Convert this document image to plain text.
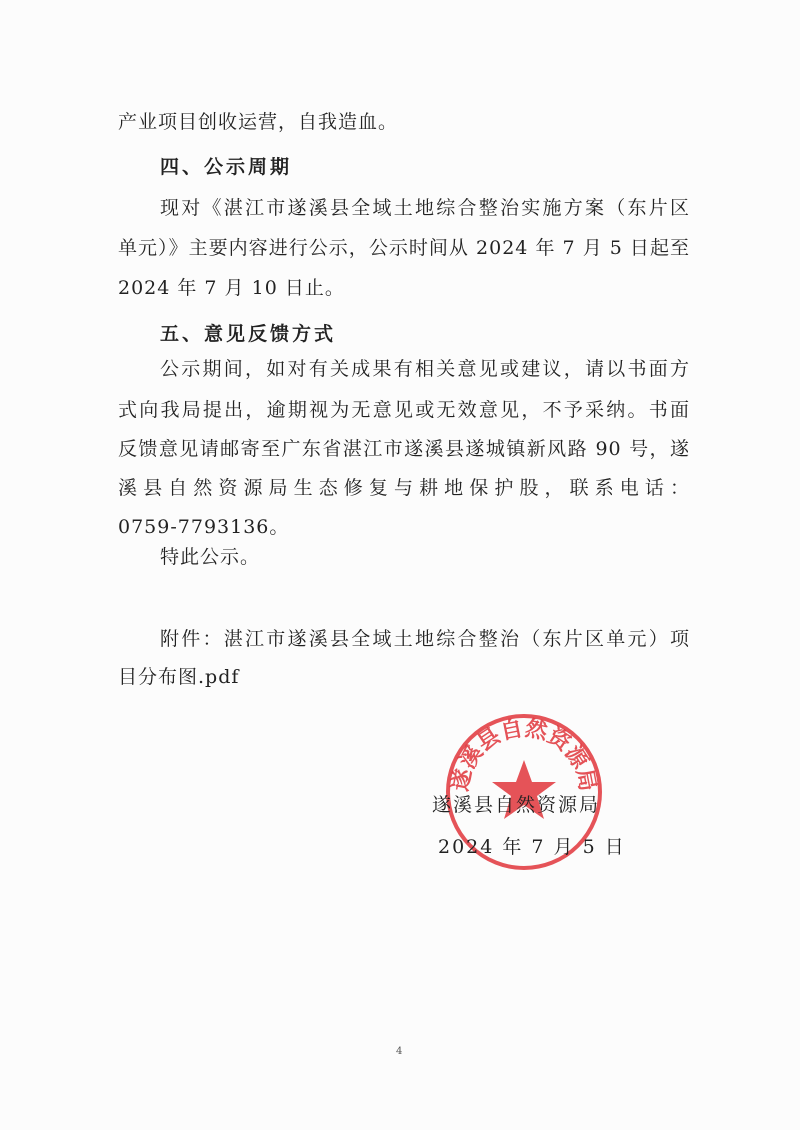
产业项目创收运营，自我造血。
四、公示周期
现对《湛江市遂溪县全域土地综合整治实施方案（东片区
单元）》主要内容进行公示，公示时间从 2024 年 7 月 5 日起至
2024 年 7 月 10 日止。
五、意见反馈方式
公示期间，如对有关成果有相关意见或建议，请以书面方
式向我局提出，逾期视为无意见或无效意见，不予采纳。书面
反馈意见请邮寄至广东省湛江市遂溪县遂城镇新风路 90 号，遂
溪县自然资源局生态修复与耕地保护股，联系电话：
0759-7793136。
特此公示。
附件：湛江市遂溪县全域土地综合整治（东片区单元）项
目分布图.pdf
遂溪县自然资源局
遂溪县自然资源局
2024 年 7 月 5 日
4
